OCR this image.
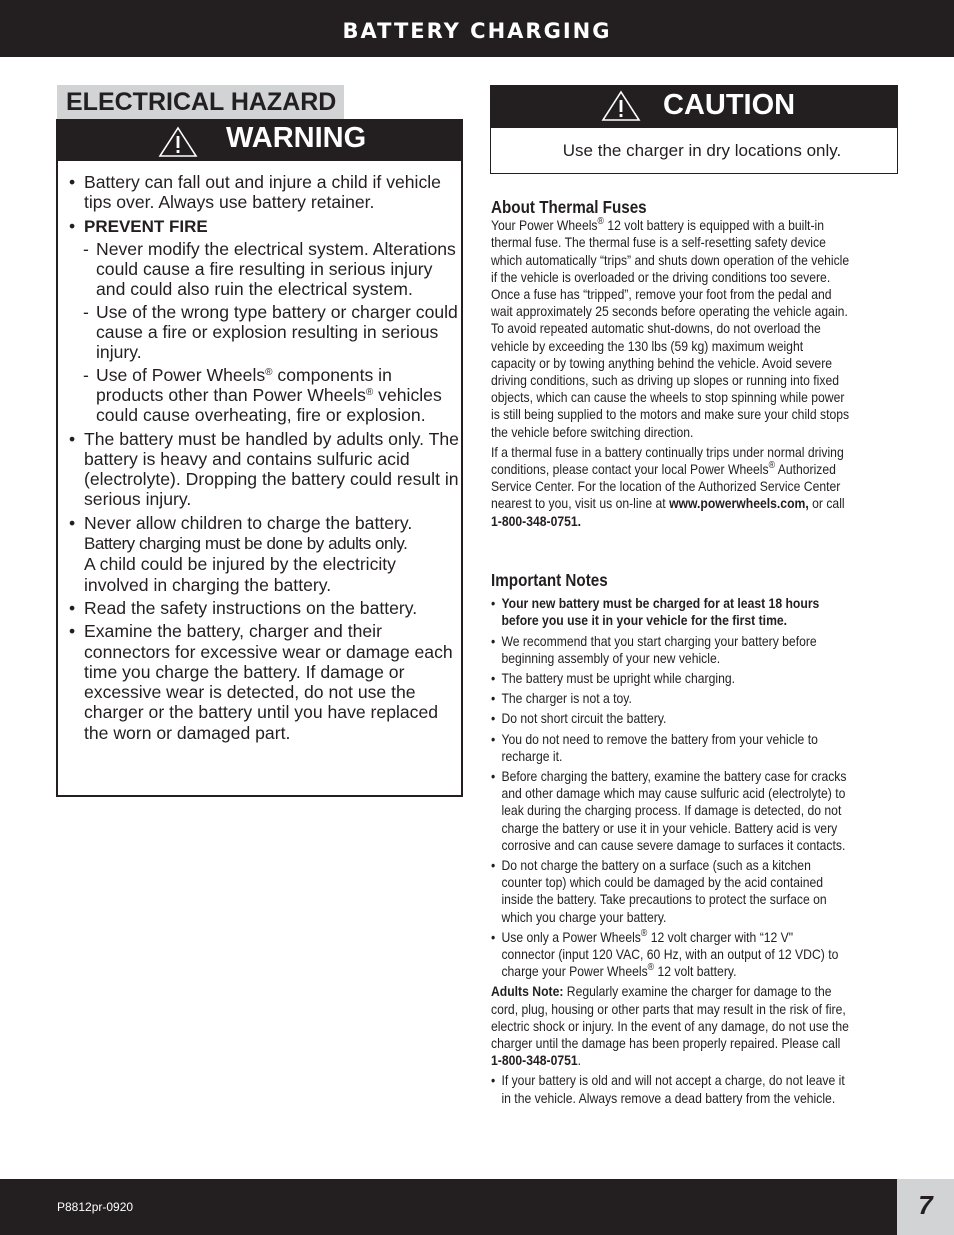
BATTERY CHARGING
ELECTRICAL HAZARD
WARNING
• Battery can fall out and injure a child if vehicle tips over. Always use battery retainer.
• PREVENT FIRE
- Never modify the electrical system. Alterations could cause a fire resulting in serious injury and could also ruin the electrical system.
- Use of the wrong type battery or charger could cause a fire or explosion resulting in serious injury.
- Use of Power Wheels® components in products other than Power Wheels® vehicles could cause overheating, fire or explosion.
• The battery must be handled by adults only. The battery is heavy and contains sulfuric acid (electrolyte). Dropping the battery could result in serious injury.
• Never allow children to charge the battery.
Battery charging must be done by adults only.
A child could be injured by the electricity involved in charging the battery.
• Read the safety instructions on the battery.
• Examine the battery, charger and their connectors for excessive wear or damage each time you charge the battery. If damage or excessive wear is detected, do not use the charger or the battery until you have replaced the worn or damaged part.
CAUTION
Use the charger in dry locations only.

About Thermal Fuses

Your Power Wheels® 12 volt battery is equipped with a built-in thermal fuse. The thermal fuse is a self-resetting safety device which automatically “trips” and shuts down operation of the vehicle if the vehicle is overloaded or the driving conditions too severe. Once a fuse has “tripped”, remove your foot from the pedal and wait approximately 25 seconds before operating the vehicle again. To avoid repeated automatic shut-downs, do not overload the vehicle by exceeding the 130 lbs (59 kg) maximum weight capacity or by towing anything behind the vehicle. Avoid severe driving conditions, such as driving up slopes or running into fixed objects, which can cause the wheels to stop spinning while power is still being supplied to the motors and make sure your child stops the vehicle before switching direction.

If a thermal fuse in a battery continually trips under normal driving conditions, please contact your local Power Wheels® Authorized Service Center. For the location of the Authorized Service Center nearest to you, visit us on-line at www.powerwheels.com, or call 1-800-348-0751.

Important Notes

• Your new battery must be charged for at least 18 hours before you use it in your vehicle for the first time.
• We recommend that you start charging your battery before beginning assembly of your new vehicle.
• The battery must be upright while charging.
• The charger is not a toy.
• Do not short circuit the battery.
• You do not need to remove the battery from your vehicle to recharge it.
• Before charging the battery, examine the battery case for cracks and other damage which may cause sulfuric acid (electrolyte) to leak during the charging process. If damage is detected, do not charge the battery or use it in your vehicle. Battery acid is very corrosive and can cause severe damage to surfaces it contacts.
• Do not charge the battery on a surface (such as a kitchen counter top) which could be damaged by the acid contained inside the battery. Take precautions to protect the surface on which you charge your battery.
• Use only a Power Wheels® 12 volt charger with “12 V" connector (input 120 VAC, 60 Hz, with an output of 12 VDC) to charge your Power Wheels® 12 volt battery.

Adults Note: Regularly examine the charger for damage to the cord, plug, housing or other parts that may result in the risk of fire, electric shock or injury. In the event of any damage, do not use the charger until the damage has been properly repaired. Please call 1-800-348-0751.

• If your battery is old and will not accept a charge, do not leave it in the vehicle. Always remove a dead battery from the vehicle.
P8812pr-0920	7
